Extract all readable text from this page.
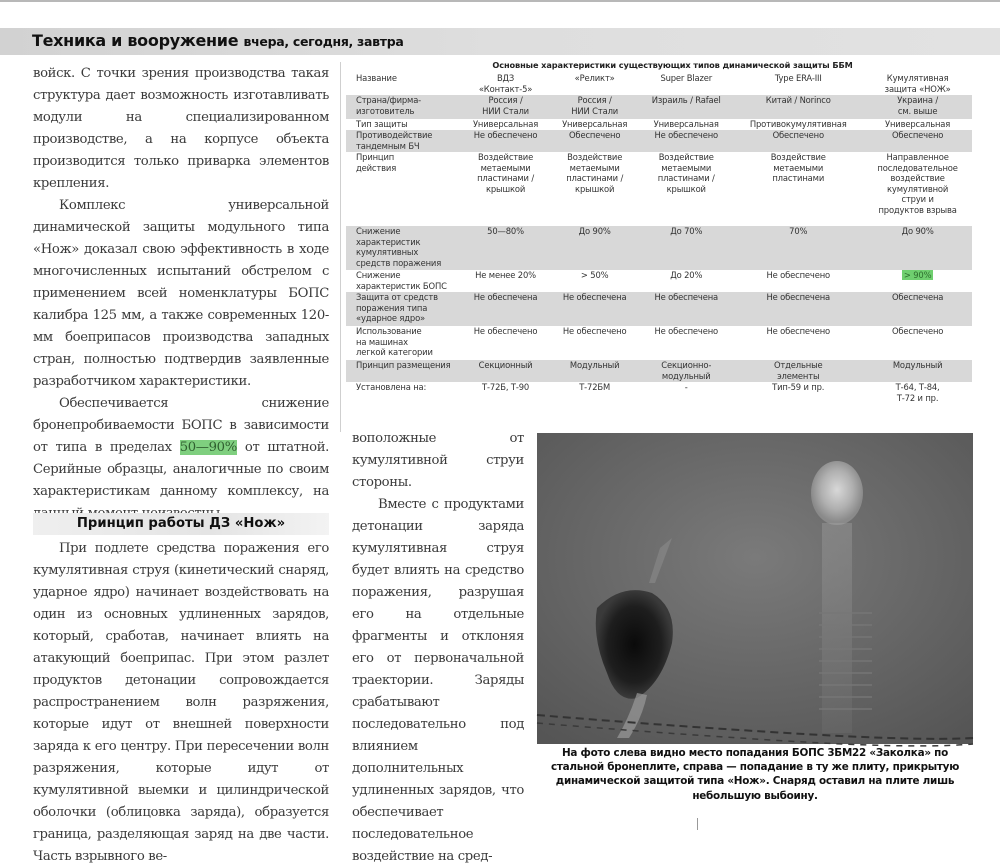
Техника и вооружение вчера, сегодня, завтра

войск. С точки зрения производства такая структура дает возможность изготавливать модули на специализированном производстве, а на корпусе объекта производится только приварка элементов крепления.

Комплекс универсальной динамической защиты модульного типа «Нож» доказал свою эффективность в ходе многочисленных испытаний обстрелом с применением всей номенклатуры БОПС калибра 125 мм, а также современных 120-мм боеприпасов производства западных стран, полностью подтвердив заявленные разработчиком характеристики.

Обеспечивается снижение бронепробиваемости БОПС в зависимости от типа в пределах 50—90% от штатной. Серийные образцы, аналогичные по своим характеристикам данному комплексу, на

Принцип работы ДЗ «Нож»

При подлете средства поражения его кумулятивная струя (кинетический снаряд, ударное ядро) начинает воздействовать на один из основных удлиненных зарядов, который, сработав, начинает влиять на атакующий боеприпас. При этом разлет продуктов детонации сопровождается распространением волн разряжения, которые идут от внешней поверхности заряда к его центру. При пересечении волн разряжения, которые идут от кумулятивной выемки и цилиндрической оболочки (облицовка заряда), образуется граница, разделяющая заряд на две части. Часть взрывного ве-

Основные характеристики существующих типов динамической защиты ББМ
Название	ВДЗ
«Контакт-5»	«Реликт»	Super Blazer	Type ERA-III	Кумулятивная
защита «НОЖ»
Страна/фирма-
изготовитель	Россия /
НИИ Стали	Россия /
НИИ Стали	Израиль / Rafael	Китай / Norinco	Украина /
см. выше
Тип защиты	Универсальная	Универсальная	Универсальная	Противокумулятивная	Универсальная
Противодействие
тандемным БЧ	Не обеспечено	Обеспечено	Не обеспечено	Обеспечено	Обеспечено
Принцип
действия	Воздействие
метаемыми
пластинами /
крышкой	Воздействие
метаемыми
пластинами /
крышкой	Воздействие
метаемыми
пластинами /
крышкой	Воздействие
метаемыми
пластинами	Направленное
последовательное
воздействие
кумулятивной
струи и
продуктов взрыва
Снижение
характеристик
кумулятивных
средств поражения	50—80%	До 90%	До 70%	70%	До 90%
Снижение
характеристик БОПС	Не менее 20%	> 50%	До 20%	Не обеспечено	> 90%
Защита от средств
поражения типа
«ударное ядро»	Не обеспечена	Не обеспечена	Не обеспечена	Не обеспечена	Обеспечена
Использование
на машинах
легкой категории	Не обеспечено	Не обеспечено	Не обеспечено	Не обеспечено	Обеспечено
Принцип размещения	Секционный	Модульный	Секционно-
модульный	Отдельные
элементы	Модульный
Установлена на:	Т-72Б, Т-90	Т-72БМ	-	Тип-59 и пр.	Т-64, Т-84,
Т-72 и пр.

воположные от кумулятивной струи стороны.

Вместе с продуктами детонации заряда кумулятивная струя будет влиять на средство поражения, разрушая его на отдельные фрагменты и отклоняя его от первоначальной траектории. Заряды срабатывают последовательно под влиянием дополнительных удлиненных зарядов, что обеспечивает последовательное воздействие на сред-

На фото слева видно место попадания БОПС 3БМ22 «Заколка» по стальной бронеплите, справа — попадание в ту же плиту, прикрытую динамической защитой типа «Нож». Снаряд оставил на плите лишь небольшую выбоину.
